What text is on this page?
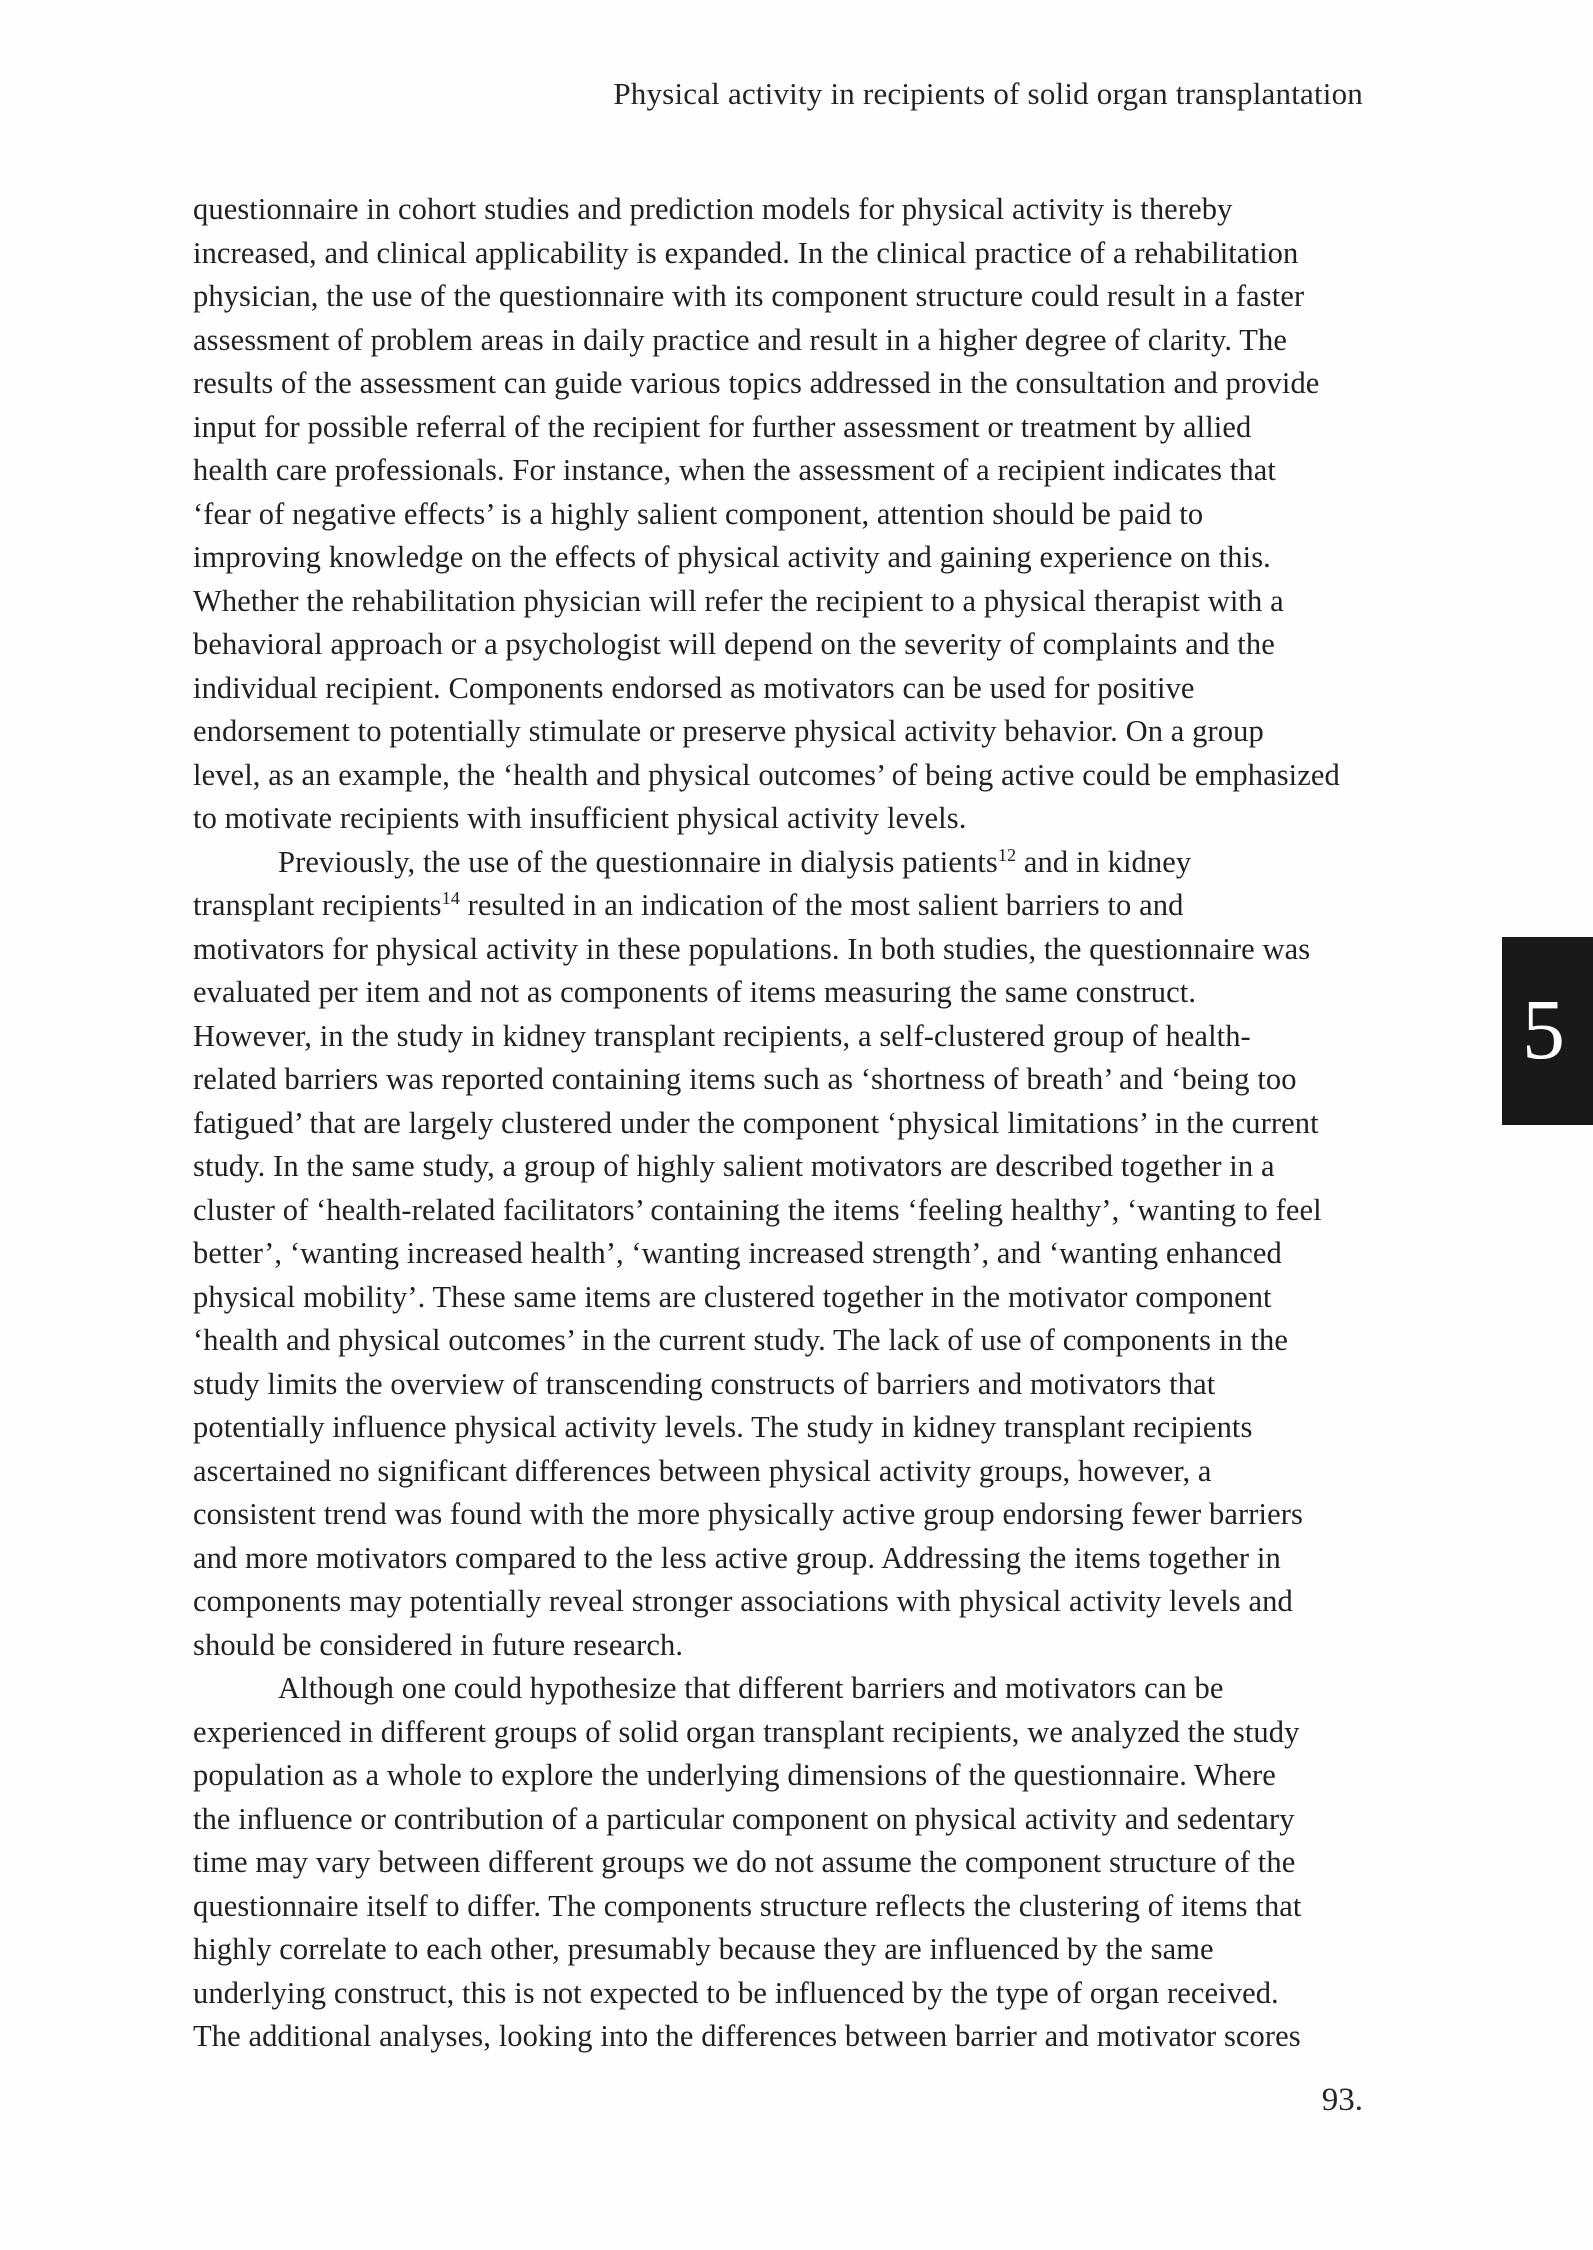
Physical activity in recipients of solid organ transplantation
questionnaire in cohort studies and prediction models for physical activity is thereby
increased, and clinical applicability is expanded. In the clinical practice of a rehabilitation
physician, the use of the questionnaire with its component structure could result in a faster
assessment of problem areas in daily practice and result in a higher degree of clarity. The
results of the assessment can guide various topics addressed in the consultation and provide
input for possible referral of the recipient for further assessment or treatment by allied
health care professionals. For instance, when the assessment of a recipient indicates that
‘fear of negative effects’ is a highly salient component, attention should be paid to
improving knowledge on the effects of physical activity and gaining experience on this.
Whether the rehabilitation physician will refer the recipient to a physical therapist with a
behavioral approach or a psychologist will depend on the severity of complaints and the
individual recipient. Components endorsed as motivators can be used for positive
endorsement to potentially stimulate or preserve physical activity behavior. On a group
level, as an example, the ‘health and physical outcomes’ of being active could be emphasized
to motivate recipients with insufficient physical activity levels.
Previously, the use of the questionnaire in dialysis patients$^{12}$ and in kidney
transplant recipients$^{14}$ resulted in an indication of the most salient barriers to and
motivators for physical activity in these populations. In both studies, the questionnaire was
evaluated per item and not as components of items measuring the same construct.
However, in the study in kidney transplant recipients, a self-clustered group of health-
related barriers was reported containing items such as ‘shortness of breath’ and ‘being too
fatigued’ that are largely clustered under the component ‘physical limitations’ in the current
study. In the same study, a group of highly salient motivators are described together in a
cluster of ‘health-related facilitators’ containing the items ‘feeling healthy’, ‘wanting to feel
better’, ‘wanting increased health’, ‘wanting increased strength’, and ‘wanting enhanced
physical mobility’. These same items are clustered together in the motivator component
‘health and physical outcomes’ in the current study. The lack of use of components in the
study limits the overview of transcending constructs of barriers and motivators that
potentially influence physical activity levels. The study in kidney transplant recipients
ascertained no significant differences between physical activity groups, however, a
consistent trend was found with the more physically active group endorsing fewer barriers
and more motivators compared to the less active group. Addressing the items together in
components may potentially reveal stronger associations with physical activity levels and
should be considered in future research.
Although one could hypothesize that different barriers and motivators can be
experienced in different groups of solid organ transplant recipients, we analyzed the study
population as a whole to explore the underlying dimensions of the questionnaire. Where
the influence or contribution of a particular component on physical activity and sedentary
time may vary between different groups we do not assume the component structure of the
questionnaire itself to differ. The components structure reflects the clustering of items that
highly correlate to each other, presumably because they are influenced by the same
underlying construct, this is not expected to be influenced by the type of organ received.
The additional analyses, looking into the differences between barrier and motivator scores
5
93.
